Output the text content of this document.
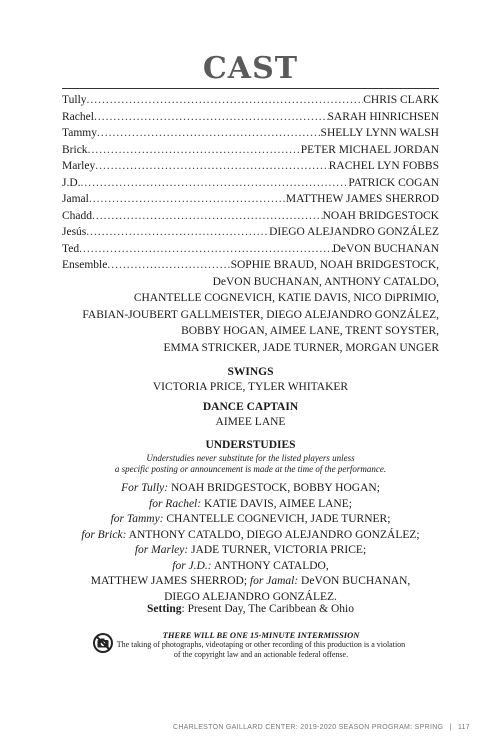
CAST
Tully .....	CHRIS CLARK
Rachel .....	SARAH HINRICHSEN
Tammy .....	SHELLY LYNN WALSH
Brick .....	PETER MICHAEL JORDAN
Marley .....	RACHEL LYN FOBBS
J.D. .....	PATRICK COGAN
Jamal .....	MATTHEW JAMES SHERROD
Chadd .....	NOAH BRIDGESTOCK
Jesús .....	DIEGO ALEJANDRO GONZÁLEZ
Ted .....	DeVON BUCHANAN
Ensemble .....	SOPHIE BRAUD, NOAH BRIDGESTOCK,
DeVON BUCHANAN, ANTHONY CATALDO,
CHANTELLE COGNEVICH, KATIE DAVIS, NICO DiPRIMIO,
FABIAN-JOUBERT GALLMEISTER, DIEGO ALEJANDRO GONZÁLEZ,
BOBBY HOGAN, AIMEE LANE, TRENT SOYSTER,
EMMA STRICKER, JADE TURNER, MORGAN UNGER
SWINGS
VICTORIA PRICE, TYLER WHITAKER
DANCE CAPTAIN
AIMEE LANE
UNDERSTUDIES
Understudies never substitute for the listed players unless
a specific posting or announcement is made at the time of the performance.
For Tully: NOAH BRIDGESTOCK, BOBBY HOGAN;
for Rachel: KATIE DAVIS, AIMEE LANE;
for Tammy: CHANTELLE COGNEVICH, JADE TURNER;
for Brick: ANTHONY CATALDO, DIEGO ALEJANDRO GONZÁLEZ;
for Marley: JADE TURNER, VICTORIA PRICE;
for J.D.: ANTHONY CATALDO,
MATTHEW JAMES SHERROD; for Jamal: DeVON BUCHANAN,
DIEGO ALEJANDRO GONZÁLEZ.
Setting: Present Day, The Caribbean & Ohio
THERE WILL BE ONE 15-MINUTE INTERMISSION
The taking of photographs, videotaping or other recording of this production is a violation
of the copyright law and an actionable federal offense.
CHARLESTON GAILLARD CENTER: 2019-2020 SEASON PROGRAM: SPRING | 117
